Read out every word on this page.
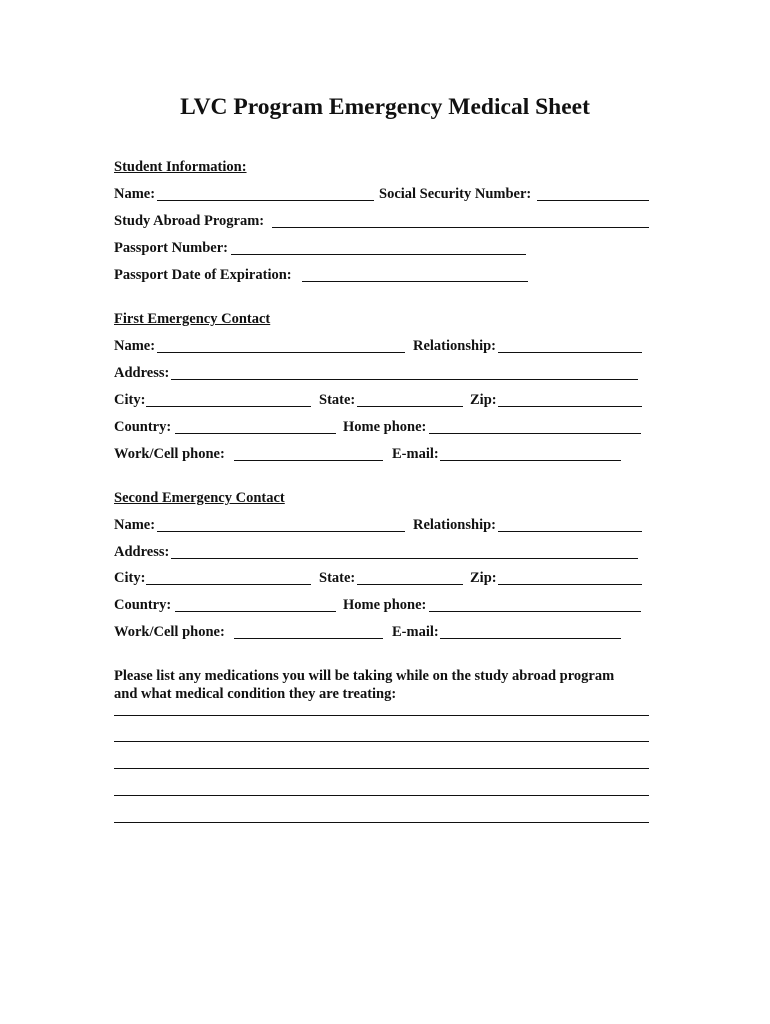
LVC Program Emergency Medical Sheet
Student Information:
Name:	Social Security Number:
Study Abroad Program:
Passport Number:
Passport Date of Expiration:
First Emergency Contact
Name:	Relationship:
Address:
City:	State:	Zip:
Country:	Home phone:
Work/Cell phone:	E-mail:
Second Emergency Contact
Name:	Relationship:
Address:
City:	State:	Zip:
Country:	Home phone:
Work/Cell phone:	E-mail:
Please list any medications you will be taking while on the study abroad program
and what medical condition they are treating:
